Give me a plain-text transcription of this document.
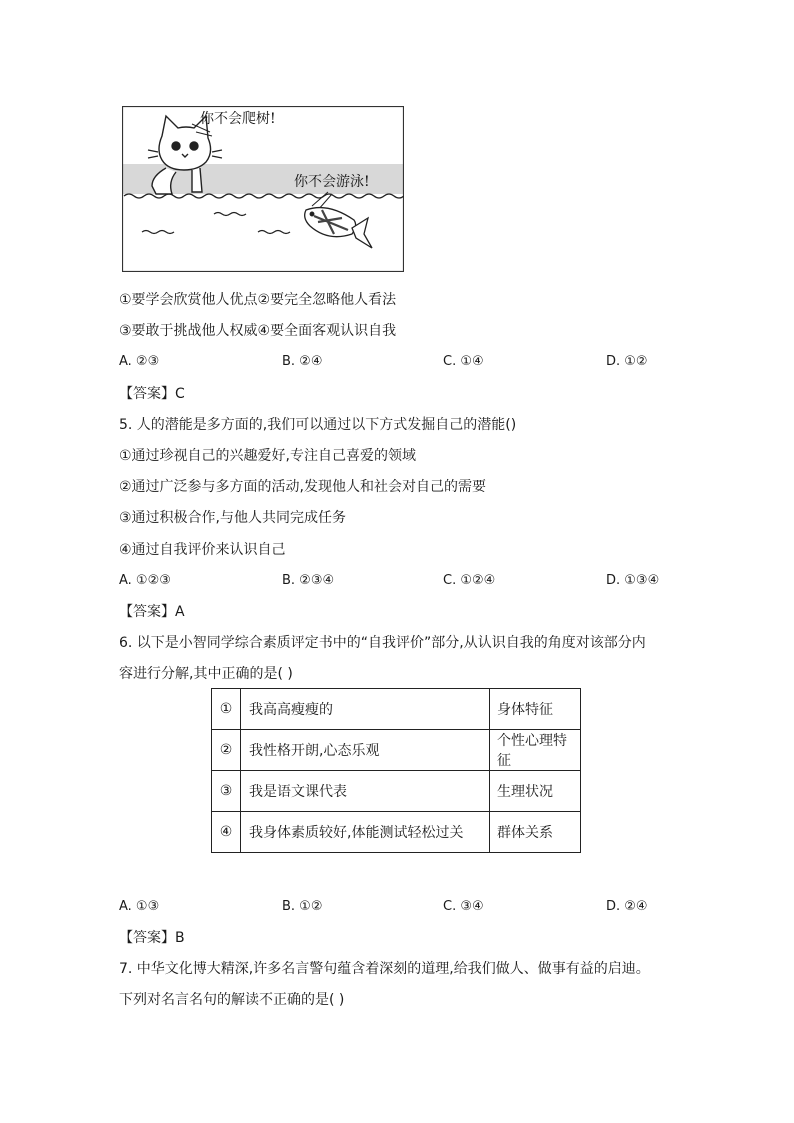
你不会爬树!
你不会游泳!
①要学会欣赏他人优点②要完全忽略他人看法
③要敢于挑战他人权威④要全面客观认识自我
A. ②③	B. ②④	C. ①④	D. ①②
【答案】C
5. 人的潜能是多方面的,我们可以通过以下方式发掘自己的潜能()
①通过珍视自己的兴趣爱好,专注自己喜爱的领域
②通过广泛参与多方面的活动,发现他人和社会对自己的需要
③通过积极合作,与他人共同完成任务
④通过自我评价来认识自己
A. ①②③	B. ②③④	C. ①②④	D. ①③④
【答案】A
6. 以下是小智同学综合素质评定书中的“自我评价”部分,从认识自我的角度对该部分内
容进行分解,其中正确的是( )
①	我高高瘦瘦的	身体特征
②	我性格开朗,心态乐观	个性心理特征
③	我是语文课代表	生理状况
④	我身体素质较好,体能测试轻松过关	群体关系
A. ①③	B. ①②	C. ③④	D. ②④
【答案】B
7. 中华文化博大精深,许多名言警句蕴含着深刻的道理,给我们做人、做事有益的启迪。
下列对名言名句的解读不正确的是( )
